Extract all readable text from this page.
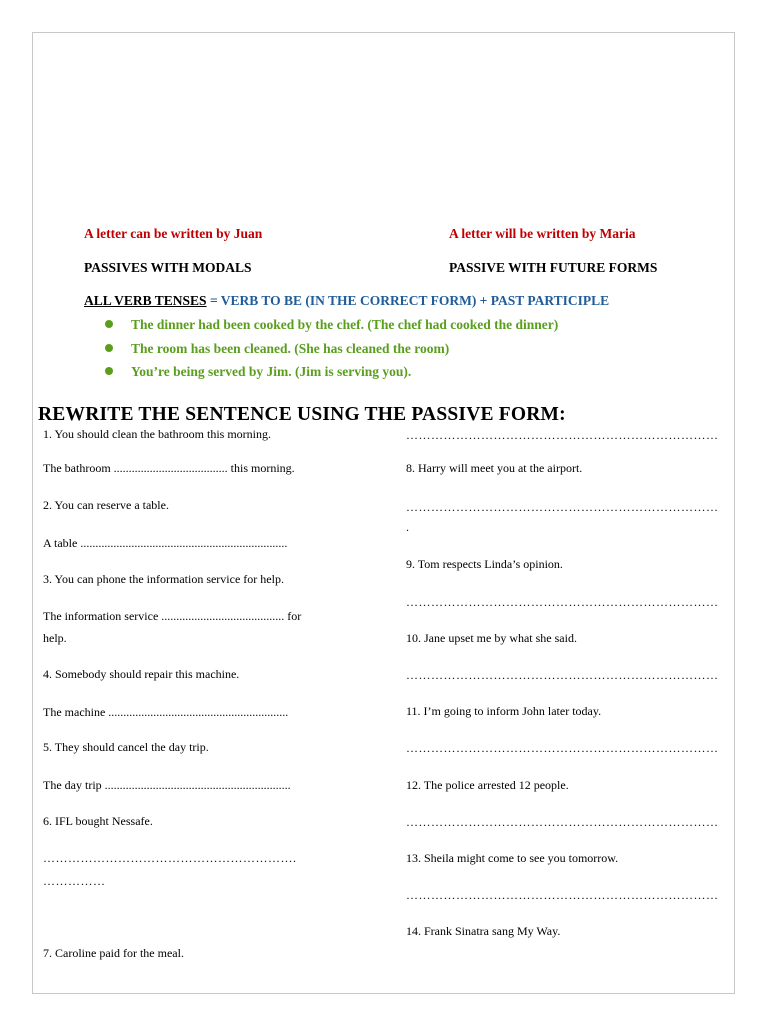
A letter can be written by Juan	A letter will be written by Maria
PASSIVES WITH MODALS	PASSIVE WITH FUTURE FORMS
ALL VERB TENSES = VERB TO BE (IN THE CORRECT FORM) + PAST PARTICIPLE
The dinner had been cooked by the chef. (The chef had cooked the dinner)
The room has been cleaned. (She has cleaned the room)
You’re being served by Jim. (Jim is serving you).
REWRITE THE SENTENCE USING THE PASSIVE FORM:
1. You should clean the bathroom this morning.
The bathroom ...................................... this morning.
2. You can reserve a table.
A table .....................................................................
3. You can phone the information service for help.
The information service ......................................... for
help.
4. Somebody should repair this machine.
The machine ............................................................
5. They should cancel the day trip.
The day trip ..............................................................
6. IFL bought Nessafe.
…………………………………………………….
……………
7. Caroline paid for the meal.
…………………………………………………………………
8. Harry will meet you at the airport.
…………………………………………………………………
.
9. Tom respects Linda’s opinion.
…………………………………………………………………
10. Jane upset me by what she said.
…………………………………………………………………
11. I’m going to inform John later today.
…………………………………………………………………
12. The police arrested 12 people.
…………………………………………………………………
13. Sheila might come to see you tomorrow.
…………………………………………………………………
14. Frank Sinatra sang My Way.
